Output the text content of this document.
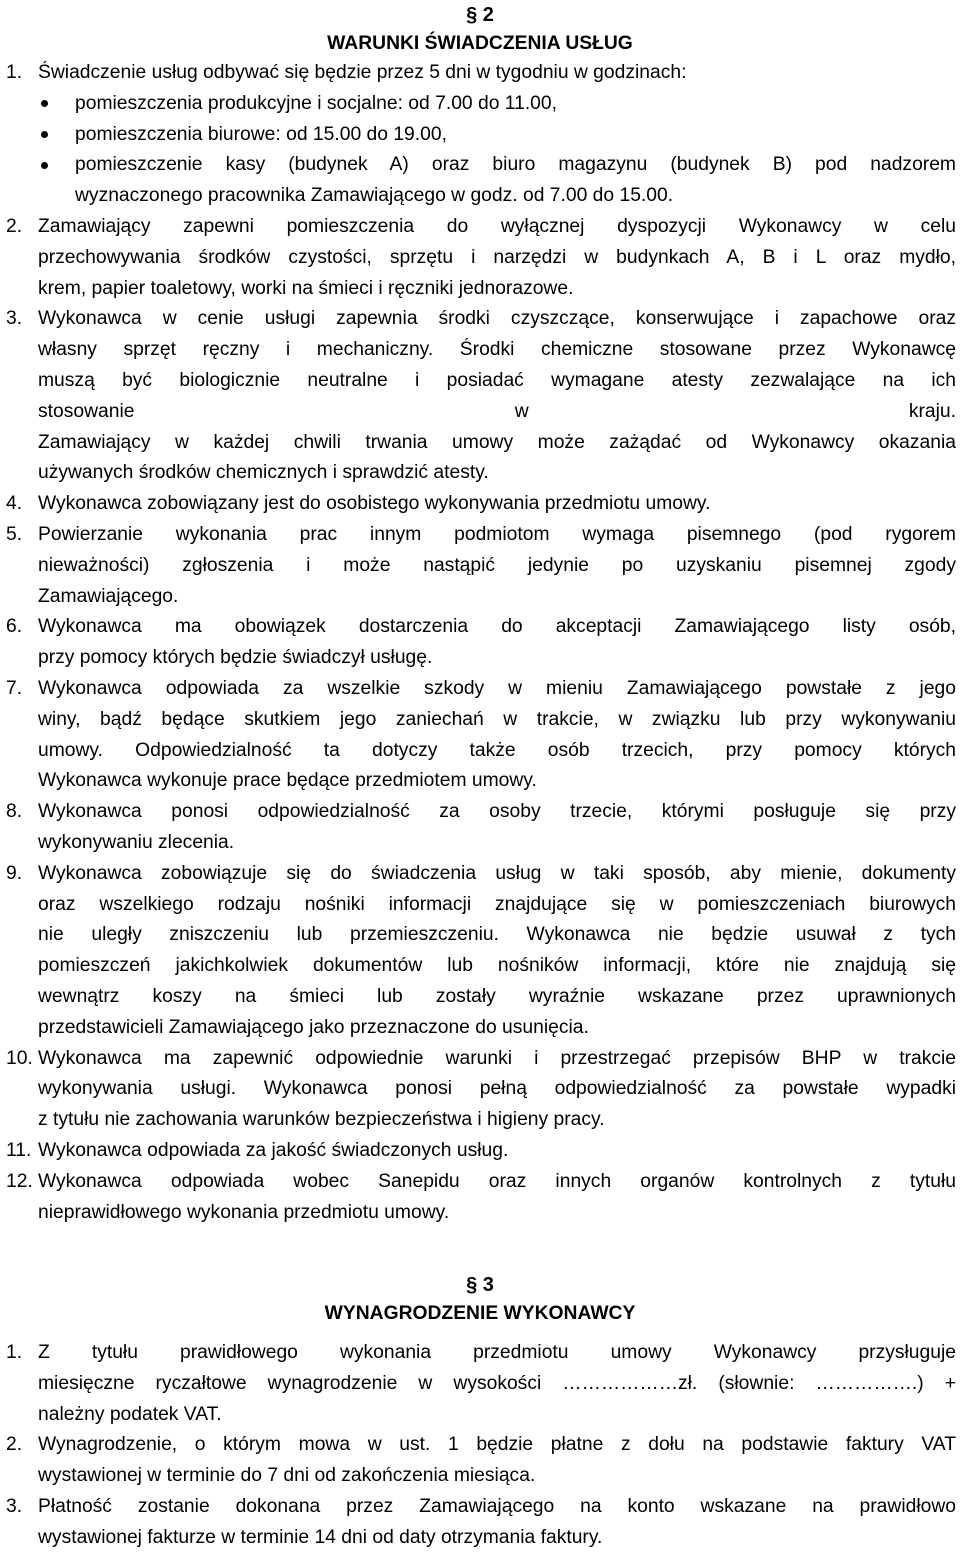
§ 2
WARUNKI ŚWIADCZENIA USŁUG
1. Świadczenie usług odbywać się będzie przez 5 dni w tygodniu w godzinach:
pomieszczenia produkcyjne i socjalne: od 7.00 do 11.00,
pomieszczenia biurowe: od 15.00 do 19.00,
pomieszczenie kasy (budynek A) oraz biuro magazynu (budynek B) pod nadzorem
wyznaczonego pracownika Zamawiającego w godz. od 7.00 do 15.00.
2. Zamawiający zapewni pomieszczenia do wyłącznej dyspozycji Wykonawcy w celu
przechowywania środków czystości, sprzętu i narzędzi w budynkach A, B i L oraz mydło,
krem, papier toaletowy, worki na śmieci i ręczniki jednorazowe.
3. Wykonawca w cenie usługi zapewnia środki czyszczące, konserwujące i zapachowe oraz
własny sprzęt ręczny i mechaniczny. Środki chemiczne stosowane przez Wykonawcę
muszą być biologicznie neutralne i posiadać wymagane atesty zezwalające na ich
stosowanie w kraju.
Zamawiający w każdej chwili trwania umowy może zażądać od Wykonawcy okazania
używanych środków chemicznych i sprawdzić atesty.
4. Wykonawca zobowiązany jest do osobistego wykonywania przedmiotu umowy.
5. Powierzanie wykonania prac innym podmiotom wymaga pisemnego (pod rygorem
nieważności) zgłoszenia i może nastąpić jedynie po uzyskaniu pisemnej zgody
Zamawiającego.
6. Wykonawca ma obowiązek dostarczenia do akceptacji Zamawiającego listy osób,
przy pomocy których będzie świadczył usługę.
7. Wykonawca odpowiada za wszelkie szkody w mieniu Zamawiającego powstałe z jego
winy, bądź będące skutkiem jego zaniechań w trakcie, w związku lub przy wykonywaniu
umowy. Odpowiedzialność ta dotyczy także osób trzecich, przy pomocy których
Wykonawca wykonuje prace będące przedmiotem umowy.
8. Wykonawca ponosi odpowiedzialność za osoby trzecie, którymi posługuje się przy
wykonywaniu zlecenia.
9. Wykonawca zobowiązuje się do świadczenia usług w taki sposób, aby mienie, dokumenty
oraz wszelkiego rodzaju nośniki informacji znajdujące się w pomieszczeniach biurowych
nie uległy zniszczeniu lub przemieszczeniu. Wykonawca nie będzie usuwał z tych
pomieszczeń jakichkolwiek dokumentów lub nośników informacji, które nie znajdują się
wewnątrz koszy na śmieci lub zostały wyraźnie wskazane przez uprawnionych
przedstawicieli Zamawiającego jako przeznaczone do usunięcia.
10. Wykonawca ma zapewnić odpowiednie warunki i przestrzegać przepisów BHP w trakcie
wykonywania usługi. Wykonawca ponosi pełną odpowiedzialność za powstałe wypadki
z tytułu nie zachowania warunków bezpieczeństwa i higieny pracy.
11. Wykonawca odpowiada za jakość świadczonych usług.
12. Wykonawca odpowiada wobec Sanepidu oraz innych organów kontrolnych z tytułu
nieprawidłowego wykonania przedmiotu umowy.
§ 3
WYNAGRODZENIE WYKONAWCY
1. Z tytułu prawidłowego wykonania przedmiotu umowy Wykonawcy przysługuje
miesięczne ryczałtowe wynagrodzenie w wysokości ………………zł. (słownie: …………….) +
należny podatek VAT.
2. Wynagrodzenie, o którym mowa w ust. 1 będzie płatne z dołu na podstawie faktury VAT
wystawionej w terminie do 7 dni od zakończenia miesiąca.
3. Płatność zostanie dokonana przez Zamawiającego na konto wskazane na prawidłowo
wystawionej fakturze w terminie 14 dni od daty otrzymania faktury.
